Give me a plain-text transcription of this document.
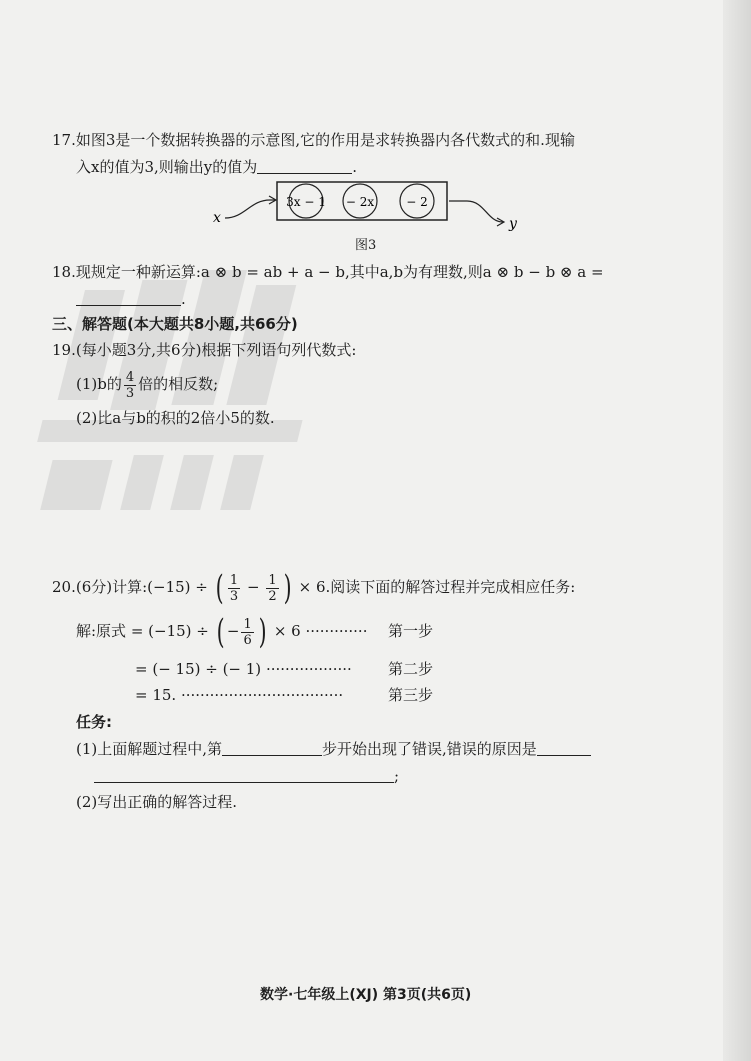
17.如图3是一个数据转换器的示意图,它的作用是求转换器内各代数式的和.现输
入x的值为3,则输出y的值为	.
x
3x − 1 − 2x	− 2
y
图3
18.现规定一种新运算:a ⊗ b = ab + a − b,其中a,b为有理数,则a ⊗ b − b ⊗ a =
.
三、解答题(本大题共8小题,共66分)
19.(每小题3分,共6分)根据下列语句列代数式:
(1)b的 $\frac{4}{3}$ 倍的相反数;
(2)比a与b的积的2倍小5的数.
20.(6分)计算:(−15) ÷ ( $\frac{1}{3} - \frac{1}{2}$ ) × 6.阅读下面的解答过程并完成相应任务:
解:原式 = (−15) ÷ ( − $\frac{1}{6}$ ) × 6 ············· 第一步
= (− 15) ÷ (− 1) ·················· 第二步
= 15. ··································	第三步
任务:
(1)上面解题过程中,第	步开始出现了错误,错误的原因是
;
(2)写出正确的解答过程.
数学·七年级上(XJ) 第3页(共6页)
